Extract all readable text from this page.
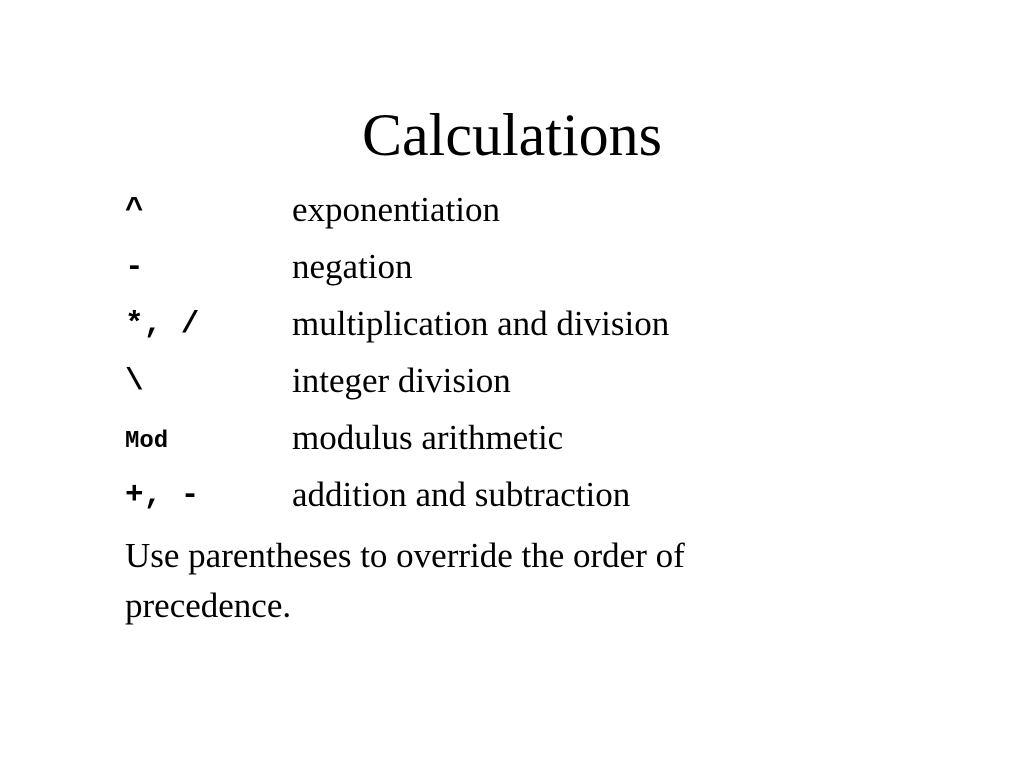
Calculations
^	exponentiation
-	negation
*, /	multiplication and division
\	integer division
Mod	modulus arithmetic
+, -	addition and subtraction

Use parentheses to override the order of precedence.
